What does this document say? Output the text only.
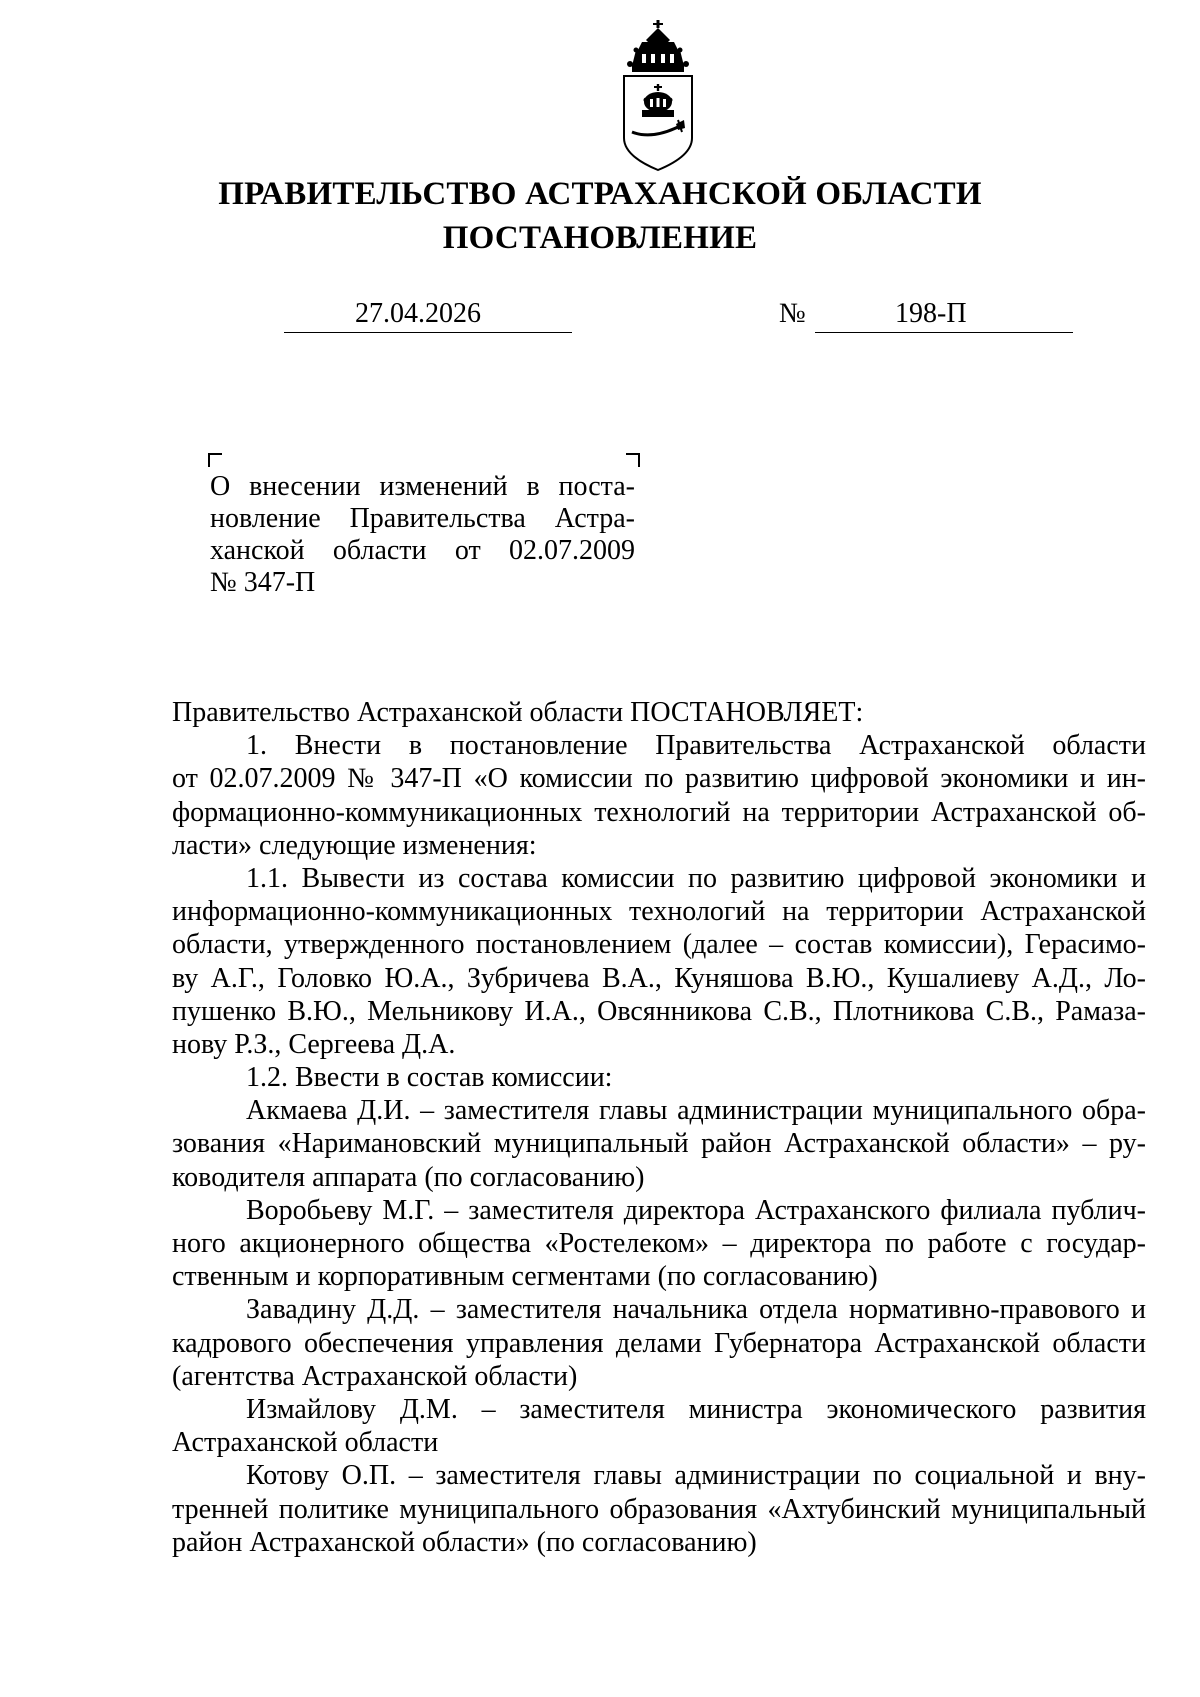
ПРАВИТЕЛЬСТВО АСТРАХАНСКОЙ ОБЛАСТИ
ПОСТАНОВЛЕНИЕ
27.04.2026	№	198-П
О внесении изменений в поста-
новление Правительства Астра-
ханской области от 02.07.2009
№ 347-П
Правительство Астраханской области ПОСТАНОВЛЯЕТ:
1. Внести в постановление Правительства Астраханской области
от 02.07.2009 № 347-П «О комиссии по развитию цифровой экономики и ин-
формационно-коммуникационных технологий на территории Астраханской об-
ласти» следующие изменения:
1.1. Вывести из состава комиссии по развитию цифровой экономики и
информационно-коммуникационных технологий на территории Астраханской
области, утвержденного постановлением (далее – состав комиссии), Герасимо-
ву А.Г., Головко Ю.А., Зубричева В.А., Куняшова В.Ю., Кушалиеву А.Д., Ло-
пушенко В.Ю., Мельникову И.А., Овсянникова С.В., Плотникова С.В., Рамаза-
нову Р.З., Сергеева Д.А.
1.2. Ввести в состав комиссии:
Акмаева Д.И. – заместителя главы администрации муниципального обра-
зования «Наримановский муниципальный район Астраханской области» – ру-
ководителя аппарата (по согласованию)
Воробьеву М.Г. – заместителя директора Астраханского филиала публич-
ного акционерного общества «Ростелеком» – директора по работе с государ-
ственным и корпоративным сегментами (по согласованию)
Завадину Д.Д. – заместителя начальника отдела нормативно-правового и
кадрового обеспечения управления делами Губернатора Астраханской области
(агентства Астраханской области)
Измайлову Д.М. – заместителя министра экономического развития
Астраханской области
Котову О.П. – заместителя главы администрации по социальной и вну-
тренней политике муниципального образования «Ахтубинский муниципальный
район Астраханской области» (по согласованию)
